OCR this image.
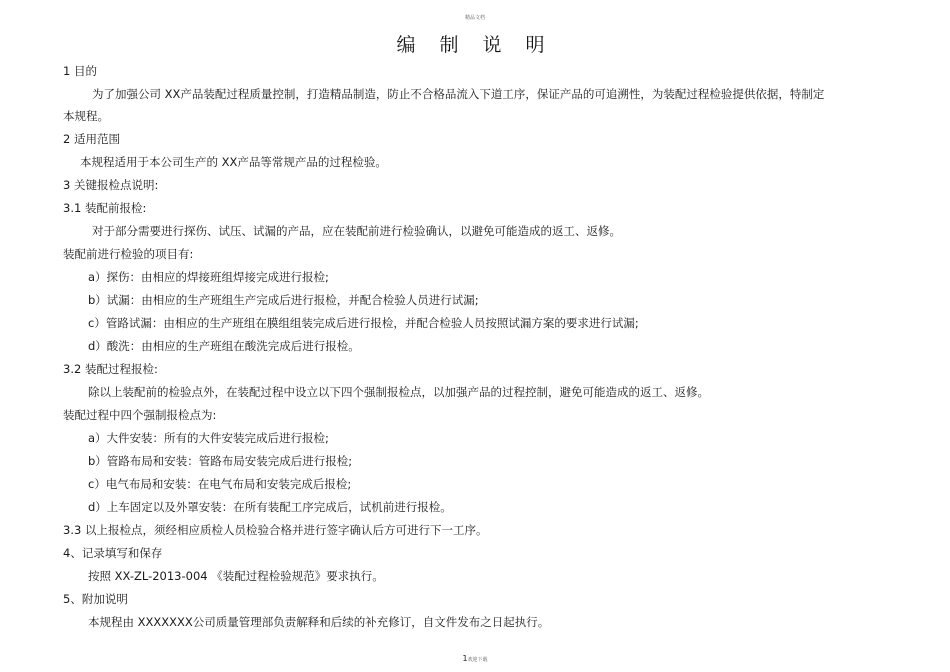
精品文档
编 制 说 明
1 目的
为了加强公司 XX产品装配过程质量控制，打造精品制造，防止不合格品流入下道工序，保证产品的可追溯性，为装配过程检验提供依据，特制定
本规程。
2 适用范围
本规程适用于本公司生产的 XX产品等常规产品的过程检验。
3 关键报检点说明:
3.1 装配前报检:
对于部分需要进行探伤、试压、试漏的产品，应在装配前进行检验确认，以避免可能造成的返工、返修。
装配前进行检验的项目有:
a）探伤：由相应的焊接班组焊接完成进行报检;
b）试漏：由相应的生产班组生产完成后进行报检，并配合检验人员进行试漏;
c）管路试漏：由相应的生产班组在膜组组装完成后进行报检，并配合检验人员按照试漏方案的要求进行试漏;
d）酸洗：由相应的生产班组在酸洗完成后进行报检。
3.2 装配过程报检:
除以上装配前的检验点外，在装配过程中设立以下四个强制报检点，以加强产品的过程控制，避免可能造成的返工、返修。
装配过程中四个强制报检点为:
a）大件安装：所有的大件安装完成后进行报检;
b）管路布局和安装：管路布局安装完成后进行报检;
c）电气布局和安装：在电气布局和安装完成后报检;
d）上车固定以及外罩安装：在所有装配工序完成后，试机前进行报检。
3.3 以上报检点，须经相应质检人员检验合格并进行签字确认后方可进行下一工序。
4、记录填写和保存
按照 XX-ZL-2013-004 《装配过程检验规范》要求执行。
5、附加说明
本规程由 XXXXXXX公司质量管理部负责解释和后续的补充修订，自文件发布之日起执行。
1欢迎下载
